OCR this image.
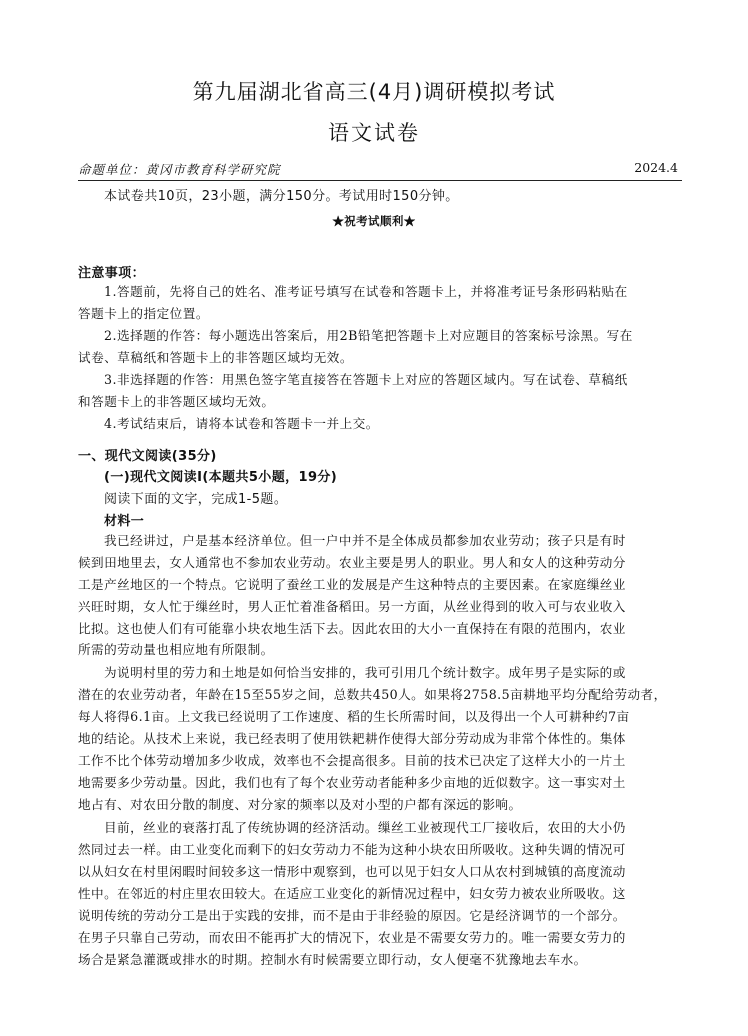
第九届湖北省高三(4月)调研模拟考试
语文试卷
命题单位：黄冈市教育科学研究院	2024.4
本试卷共10页，23小题，满分150分。考试用时150分钟。
★祝考试顺利★
注意事项：
1.答题前，先将自己的姓名、准考证号填写在试卷和答题卡上，并将准考证号条形码粘贴在
答题卡上的指定位置。
2.选择题的作答：每小题选出答案后，用2B铅笔把答题卡上对应题目的答案标号涂黑。写在
试卷、草稿纸和答题卡上的非答题区域均无效。
3.非选择题的作答：用黑色签字笔直接答在答题卡上对应的答题区域内。写在试卷、草稿纸
和答题卡上的非答题区域均无效。
4.考试结束后，请将本试卷和答题卡一并上交。
一、现代文阅读(35分)
(一)现代文阅读I(本题共5小题，19分)
阅读下面的文字，完成1-5题。
材料一
我已经讲过，户是基本经济单位。但一户中并不是全体成员都参加农业劳动；孩子只是有时
候到田地里去，女人通常也不参加农业劳动。农业主要是男人的职业。男人和女人的这种劳动分
工是产丝地区的一个特点。它说明了蚕丝工业的发展是产生这种特点的主要因素。在家庭缫丝业
兴旺时期，女人忙于缫丝时，男人正忙着准备稻田。另一方面，从丝业得到的收入可与农业收入
比拟。这也使人们有可能靠小块农地生活下去。因此农田的大小一直保持在有限的范围内，农业
所需的劳动量也相应地有所限制。
为说明村里的劳力和土地是如何恰当安排的，我可引用几个统计数字。成年男子是实际的或
潜在的农业劳动者，年龄在15至55岁之间，总数共450人。如果将2758.5亩耕地平均分配给劳动者，
每人将得6.1亩。上文我已经说明了工作速度、稻的生长所需时间，以及得出一个人可耕种约7亩
地的结论。从技术上来说，我已经表明了使用铁耙耕作使得大部分劳动成为非常个体性的。集体
工作不比个体劳动增加多少收成，效率也不会提高很多。目前的技术已决定了这样大小的一片土
地需要多少劳动量。因此，我们也有了每个农业劳动者能种多少亩地的近似数字。这一事实对土
地占有、对农田分散的制度、对分家的频率以及对小型的户都有深远的影响。
目前，丝业的衰落打乱了传统协调的经济活动。缫丝工业被现代工厂接收后，农田的大小仍
然同过去一样。由工业变化而剩下的妇女劳动力不能为这种小块农田所吸收。这种失调的情况可
以从妇女在村里闲暇时间较多这一情形中观察到，也可以见于妇女人口从农村到城镇的高度流动
性中。在邻近的村庄里农田较大。在适应工业变化的新情况过程中，妇女劳力被农业所吸收。这
说明传统的劳动分工是出于实践的安排，而不是由于非经验的原因。它是经济调节的一个部分。
在男子只靠自己劳动，而农田不能再扩大的情况下，农业是不需要女劳力的。唯一需要女劳力的
场合是紧急灌溉或排水的时期。控制水有时候需要立即行动，女人便毫不犹豫地去车水。
